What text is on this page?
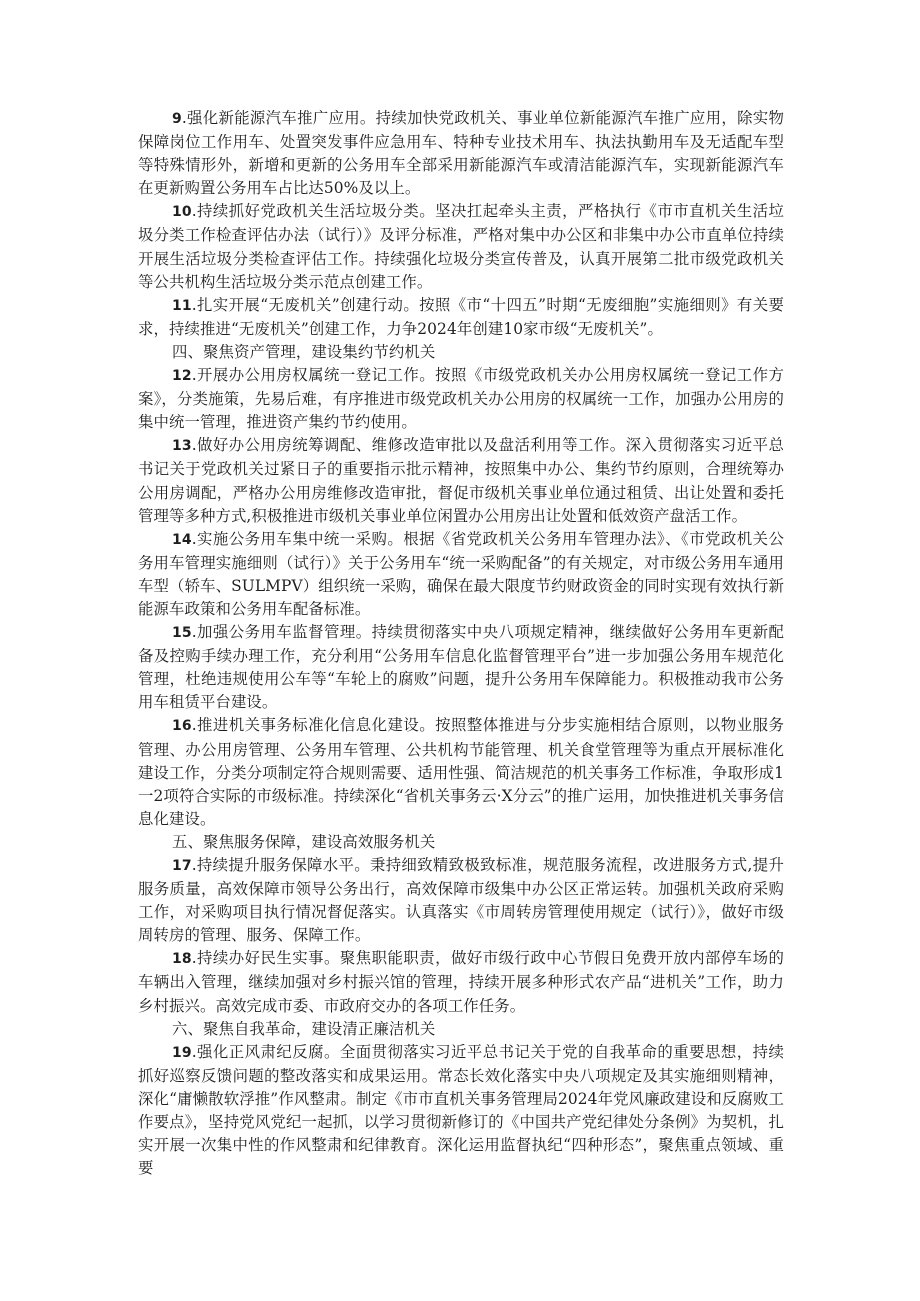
9.强化新能源汽车推广应用。持续加快党政机关、事业单位新能源汽车推广应用，除实物保障岗位工作用车、处置突发事件应急用车、特种专业技术用车、执法执勤用车及无适配车型等特殊情形外，新增和更新的公务用车全部采用新能源汽车或清洁能源汽车，实现新能源汽车在更新购置公务用车占比达50%及以上。

10.持续抓好党政机关生活垃圾分类。坚决扛起牵头主责，严格执行《市市直机关生活垃圾分类工作检查评估办法（试行）》及评分标准，严格对集中办公区和非集中办公市直单位持续开展生活垃圾分类检查评估工作。持续强化垃圾分类宣传普及，认真开展第二批市级党政机关等公共机构生活垃圾分类示范点创建工作。

11.扎实开展“无废机关”创建行动。按照《市“十四五”时期“无废细胞”实施细则》有关要求，持续推进“无废机关”创建工作，力争2024年创建10家市级“无废机关”。

四、聚焦资产管理，建设集约节约机关

12.开展办公用房权属统一登记工作。按照《市级党政机关办公用房权属统一登记工作方案》，分类施策，先易后难，有序推进市级党政机关办公用房的权属统一工作，加强办公用房的集中统一管理，推进资产集约节约使用。

13.做好办公用房统筹调配、维修改造审批以及盘活利用等工作。深入贯彻落实习近平总书记关于党政机关过紧日子的重要指示批示精神，按照集中办公、集约节约原则，合理统筹办公用房调配，严格办公用房维修改造审批，督促市级机关事业单位通过租赁、出让处置和委托管理等多种方式,积极推进市级机关事业单位闲置办公用房出让处置和低效资产盘活工作。

14.实施公务用车集中统一采购。根据《省党政机关公务用车管理办法》、《市党政机关公务用车管理实施细则（试行）》关于公务用车“统一采购配备”的有关规定，对市级公务用车通用车型（轿车、SULMPV）组织统一采购，确保在最大限度节约财政资金的同时实现有效执行新能源车政策和公务用车配备标准。

15.加强公务用车监督管理。持续贯彻落实中央八项规定精神，继续做好公务用车更新配备及控购手续办理工作，充分利用“公务用车信息化监督管理平台”进一步加强公务用车规范化管理，杜绝违规使用公车等“车轮上的腐败”问题，提升公务用车保障能力。积极推动我市公务用车租赁平台建设。

16.推进机关事务标准化信息化建设。按照整体推进与分步实施相结合原则，以物业服务管理、办公用房管理、公务用车管理、公共机构节能管理、机关食堂管理等为重点开展标准化建设工作，分类分项制定符合规则需要、适用性强、简洁规范的机关事务工作标准，争取形成1一2项符合实际的市级标准。持续深化“省机关事务云·X分云”的推广运用，加快推进机关事务信息化建设。

五、聚焦服务保障，建设高效服务机关

17.持续提升服务保障水平。秉持细致精致极致标准，规范服务流程，改进服务方式,提升服务质量，高效保障市领导公务出行，高效保障市级集中办公区正常运转。加强机关政府采购工作，对采购项目执行情况督促落实。认真落实《市周转房管理使用规定（试行）》，做好市级周转房的管理、服务、保障工作。

18.持续办好民生实事。聚焦职能职责，做好市级行政中心节假日免费开放内部停车场的车辆出入管理，继续加强对乡村振兴馆的管理，持续开展多种形式农产品“进机关”工作，助力乡村振兴。高效完成市委、市政府交办的各项工作任务。

六、聚焦自我革命，建设清正廉洁机关

19.强化正风肃纪反腐。全面贯彻落实习近平总书记关于党的自我革命的重要思想，持续抓好巡察反馈问题的整改落实和成果运用。常态长效化落实中央八项规定及其实施细则精神，深化“庸懒散软浮推”作风整肃。制定《市市直机关事务管理局2024年党风廉政建设和反腐败工作要点》，坚持党风党纪一起抓，以学习贯彻新修订的《中国共产党纪律处分条例》为契机，扎实开展一次集中性的作风整肃和纪律教育。深化运用监督执纪“四种形态”，聚焦重点领域、重要
